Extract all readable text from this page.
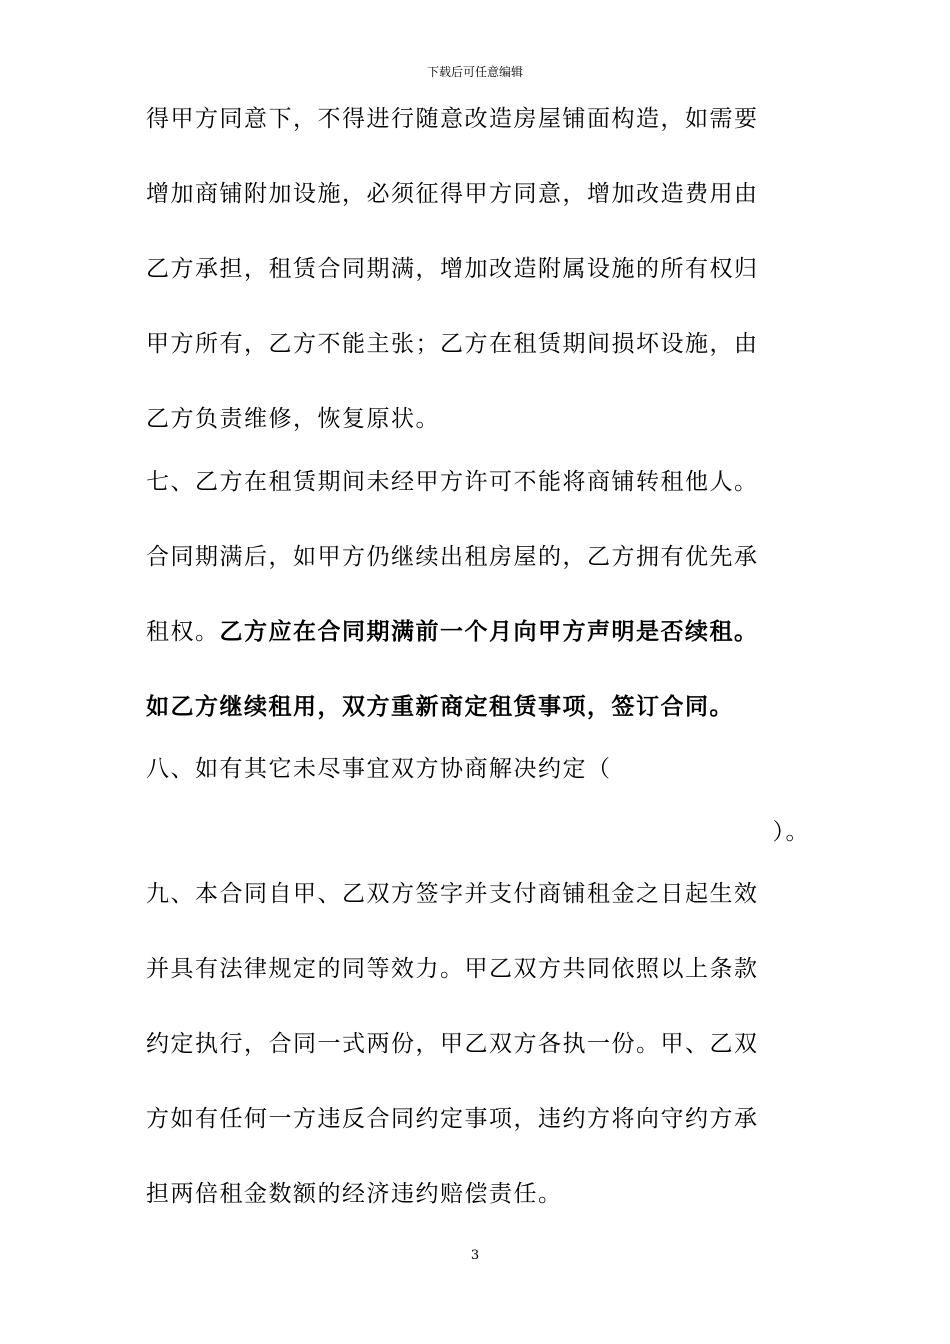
下载后可任意编辑
得甲方同意下，不得进行随意改造房屋铺面构造，如需要
增加商铺附加设施，必须征得甲方同意，增加改造费用由
乙方承担，租赁合同期满，增加改造附属设施的所有权归
甲方所有，乙方不能主张；乙方在租赁期间损坏设施，由
乙方负责维修，恢复原状。
七、乙方在租赁期间未经甲方许可不能将商铺转租他人。
合同期满后，如甲方仍继续出租房屋的，乙方拥有优先承
租权。乙方应在合同期满前一个月向甲方声明是否续租。
如乙方继续租用，双方重新商定租赁事项，签订合同。
八、如有其它未尽事宜双方协商解决约定（
）。
九、本合同自甲、乙双方签字并支付商铺租金之日起生效
并具有法律规定的同等效力。甲乙双方共同依照以上条款
约定执行，合同一式两份，甲乙双方各执一份。甲、乙双
方如有任何一方违反合同约定事项，违约方将向守约方承
担两倍租金数额的经济违约赔偿责任。
3
